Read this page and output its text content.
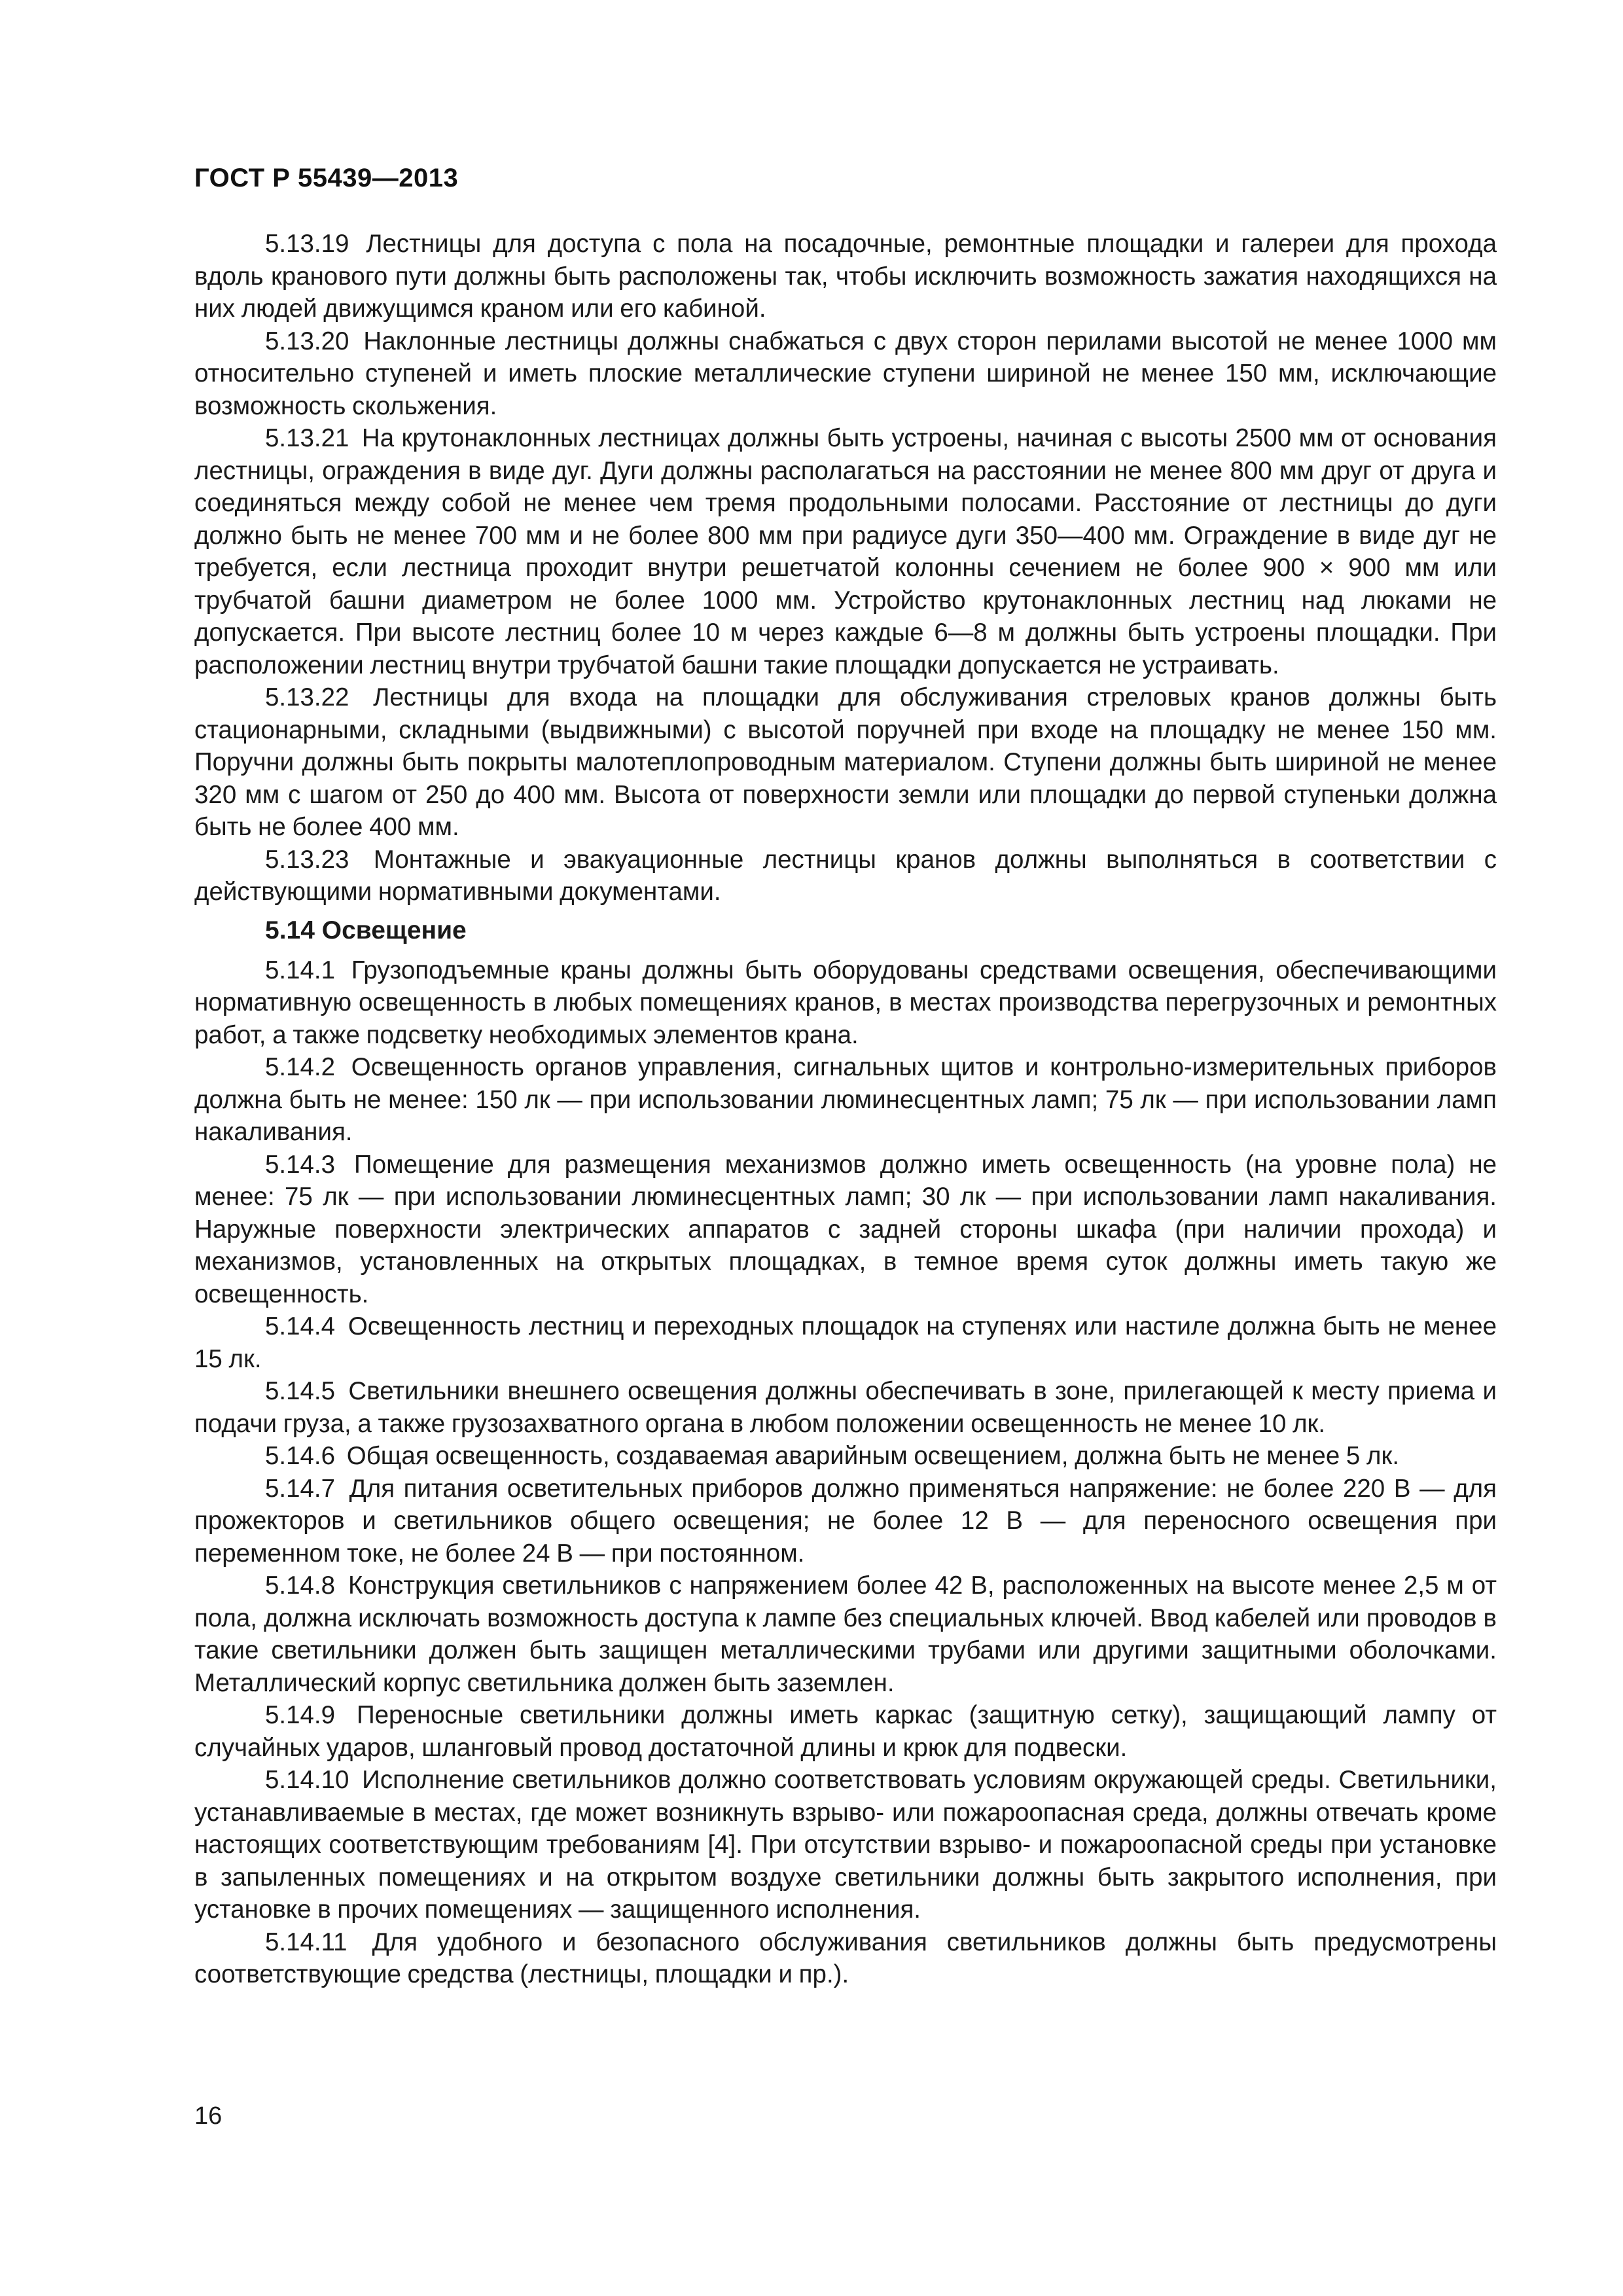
ГОСТ Р 55439—2013

5.13.19 Лестницы для доступа с пола на посадочные, ремонтные площадки и галереи для прохода вдоль кранового пути должны быть расположены так, чтобы исключить возможность зажатия находящихся на них людей движущимся краном или его кабиной.

5.13.20 Наклонные лестницы должны снабжаться с двух сторон перилами высотой не менее 1000 мм относительно ступеней и иметь плоские металлические ступени шириной не менее 150 мм, исключающие возможность скольжения.

5.13.21 На крутонаклонных лестницах должны быть устроены, начиная с высоты 2500 мм от основания лестницы, ограждения в виде дуг. Дуги должны располагаться на расстоянии не менее 800 мм друг от друга и соединяться между собой не менее чем тремя продольными полосами. Расстояние от лестницы до дуги должно быть не менее 700 мм и не более 800 мм при радиусе дуги 350—400 мм. Ограждение в виде дуг не требуется, если лестница проходит внутри решетчатой колонны сечением не более 900 × 900 мм или трубчатой башни диаметром не более 1000 мм. Устройство крутонаклонных лестниц над люками не допускается. При высоте лестниц более 10 м через каждые 6—8 м должны быть устроены площадки. При расположении лестниц внутри трубчатой башни такие площадки допускается не устраивать.

5.13.22 Лестницы для входа на площадки для обслуживания стреловых кранов должны быть стационарными, складными (выдвижными) с высотой поручней при входе на площадку не менее 150 мм. Поручни должны быть покрыты малотеплопроводным материалом. Ступени должны быть шириной не менее 320 мм с шагом от 250 до 400 мм. Высота от поверхности земли или площадки до первой ступеньки должна быть не более 400 мм.

5.13.23 Монтажные и эвакуационные лестницы кранов должны выполняться в соответствии с действующими нормативными документами.

5.14 Освещение

5.14.1 Грузоподъемные краны должны быть оборудованы средствами освещения, обеспечивающими нормативную освещенность в любых помещениях кранов, в местах производства перегрузочных и ремонтных работ, а также подсветку необходимых элементов крана.

5.14.2 Освещенность органов управления, сигнальных щитов и контрольно-измерительных приборов должна быть не менее: 150 лк — при использовании люминесцентных ламп; 75 лк — при использовании ламп накаливания.

5.14.3 Помещение для размещения механизмов должно иметь освещенность (на уровне пола) не менее: 75 лк — при использовании люминесцентных ламп; 30 лк — при использовании ламп накаливания. Наружные поверхности электрических аппаратов с задней стороны шкафа (при наличии прохода) и механизмов, установленных на открытых площадках, в темное время суток должны иметь такую же освещенность.

5.14.4 Освещенность лестниц и переходных площадок на ступенях или настиле должна быть не менее 15 лк.

5.14.5 Светильники внешнего освещения должны обеспечивать в зоне, прилегающей к месту приема и подачи груза, а также грузозахватного органа в любом положении освещенность не менее 10 лк.

5.14.6 Общая освещенность, создаваемая аварийным освещением, должна быть не менее 5 лк.

5.14.7 Для питания осветительных приборов должно применяться напряжение: не более 220 В — для прожекторов и светильников общего освещения; не более 12 В — для переносного освещения при переменном токе, не более 24 В — при постоянном.

5.14.8 Конструкция светильников с напряжением более 42 В, расположенных на высоте менее 2,5 м от пола, должна исключать возможность доступа к лампе без специальных ключей. Ввод кабелей или проводов в такие светильники должен быть защищен металлическими трубами или другими защитными оболочками. Металлический корпус светильника должен быть заземлен.

5.14.9 Переносные светильники должны иметь каркас (защитную сетку), защищающий лампу от случайных ударов, шланговый провод достаточной длины и крюк для подвески.

5.14.10 Исполнение светильников должно соответствовать условиям окружающей среды. Светильники, устанавливаемые в местах, где может возникнуть взрыво- или пожароопасная среда, должны отвечать кроме настоящих соответствующим требованиям [4]. При отсутствии взрыво- и пожароопасной среды при установке в запыленных помещениях и на открытом воздухе светильники должны быть закрытого исполнения, при установке в прочих помещениях — защищенного исполнения.

5.14.11 Для удобного и безопасного обслуживания светильников должны быть предусмотрены соответствующие средства (лестницы, площадки и пр.).

16
